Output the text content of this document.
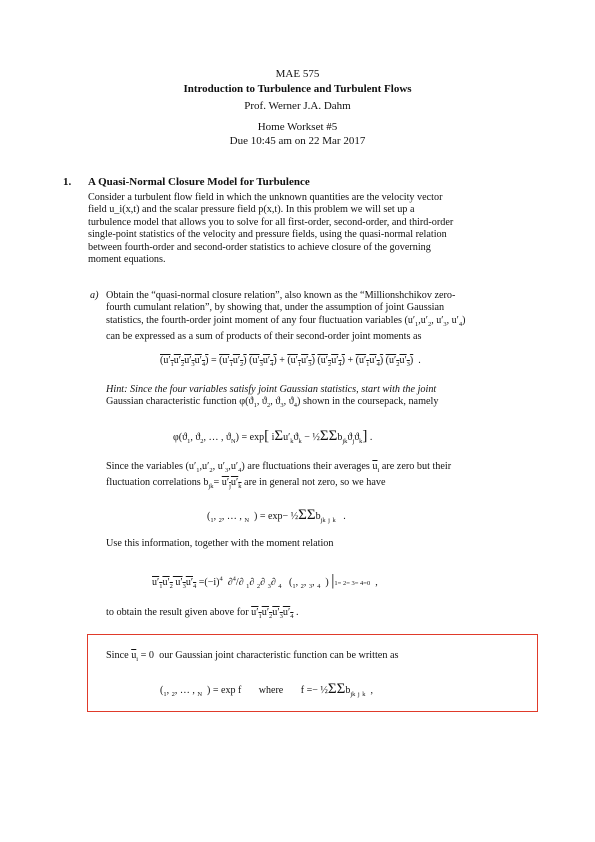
MAE 575
Introduction to Turbulence and Turbulent Flows
Prof. Werner J.A. Dahm
Home Workset #5
Due 10:45 am on 22 Mar 2017
1. A Quasi-Normal Closure Model for Turbulence
Consider a turbulent flow field in which the unknown quantities are the velocity vector
field u_i(x,t) and the scalar pressure field p(x,t). In this problem we will set up a
turbulence model that allows you to solve for all first-order, second-order, and third-order
single-point statistics of the velocity and pressure fields, using the quasi-normal relation
between fourth-order and second-order statistics to achieve closure of the governing
moment equations.
a) Obtain the “quasi-normal closure relation”, also known as the “Millionshchikov zero-
fourth cumulant relation”, by showing that, under the assumption of joint Gaussian
statistics, the fourth-order joint moment of any four fluctuation variables ($u'_1,u'_2$, $u'_3$, $u'_4$)
can be expressed as a sum of products of their second-order joint moments as
$(u'_1u'_2u'_3u'_4) = (u'_1u'_2) (u'_3u'_4) + (u'_1u'_3) (u'_2u'_4) + (u'_1u'_4)$ $(u'_2u'_3)$  .
Hint: Since the four variables satisfy joint Gaussian statistics, start with the joint
Gaussian characteristic function $\varphi(ϑ_1$, $ϑ_2$, $ϑ_3$, $ϑ_4$) shown in the coursepack, namely
$\varphi(ϑ_1$, $ϑ_2$, … , $ϑ_N) = \exp$[ $i\Sigma u'_kϑ_k$ − $\frac{1}{2}\Sigma\Sigma b_{jk}ϑ_jϑ_k$] .
Since the variables ($u'_1,u'_2$, $u'_3,u'_4$) are fluctuations their averages $\overline{u}_i$ are zero but their
fluctuation correlations $b_{jk}= u'_ju'_k$ are in general not zero, so we have
($_1$, $_2$, … , $_N$  ) = exp− ½ΣΣb$_{jk}$ $_j$ $_k$   .
Use this information, together with the moment relation
$u'_1u'_2$ $u'_3u'_4 =(-i)^4$  ∂$^4$/∂ $_1$∂ $_2$∂ $_3$∂ $_4$   ($_1$, $_2$, $_3$, $_4$  ) |1= 2= 3= 4=0  ,
to obtain the result given above for $u'_1u'_2u'_3u'_4$ .
Since $\overline{u}_i = 0$  our Gaussian joint characteristic function can be written as
($_1$, $_2$, … , $_N$  ) = exp f       where       f =− ½ΣΣb$_{jk}$ $_j$ $_k$  ,
